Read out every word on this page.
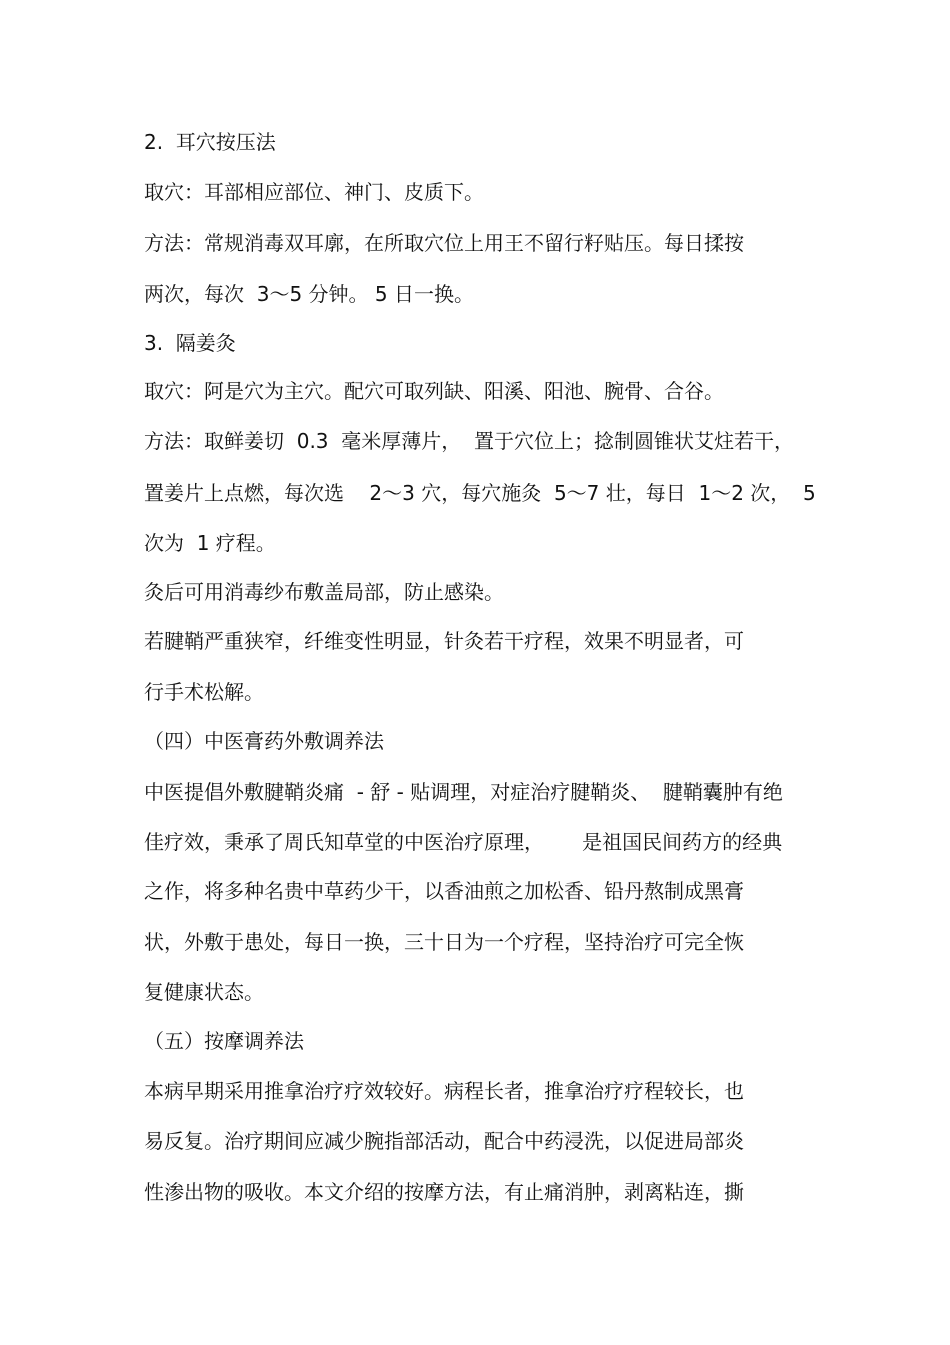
2.  耳穴按压法
取穴：耳部相应部位、神门、皮质下。
方法：常规消毒双耳廓，在所取穴位上用王不留行籽贴压。每日揉按
两次，每次  3～5 分钟。 5 日一换。
3.  隔姜灸
取穴：阿是穴为主穴。配穴可取列缺、阳溪、阳池、腕骨、合谷。
方法：取鲜姜切  0.3  毫米厚薄片，  置于穴位上；捻制圆锥状艾炷若干，
置姜片上点燃，每次选    2～3 穴，每穴施灸  5～7 壮，每日  1～2 次，  5
次为  1 疗程。
灸后可用消毒纱布敷盖局部，防止感染。
若腱鞘严重狭窄，纤维变性明显，针灸若干疗程，效果不明显者，可
行手术松解。
（四）中医膏药外敷调养法
中医提倡外敷腱鞘炎痛  - 舒 - 贴调理，对症治疗腱鞘炎、  腱鞘囊肿有绝
佳疗效，秉承了周氏知草堂的中医治疗原理，      是祖国民间药方的经典
之作，将多种名贵中草药少干，以香油煎之加松香、铅丹熬制成黑膏
状，外敷于患处，每日一换，三十日为一个疗程，坚持治疗可完全恢
复健康状态。
（五）按摩调养法
本病早期采用推拿治疗疗效较好。病程长者，推拿治疗疗程较长，也
易反复。治疗期间应减少腕指部活动，配合中药浸洗，以促进局部炎
性渗出物的吸收。本文介绍的按摩方法，有止痛消肿，剥离粘连，撕
